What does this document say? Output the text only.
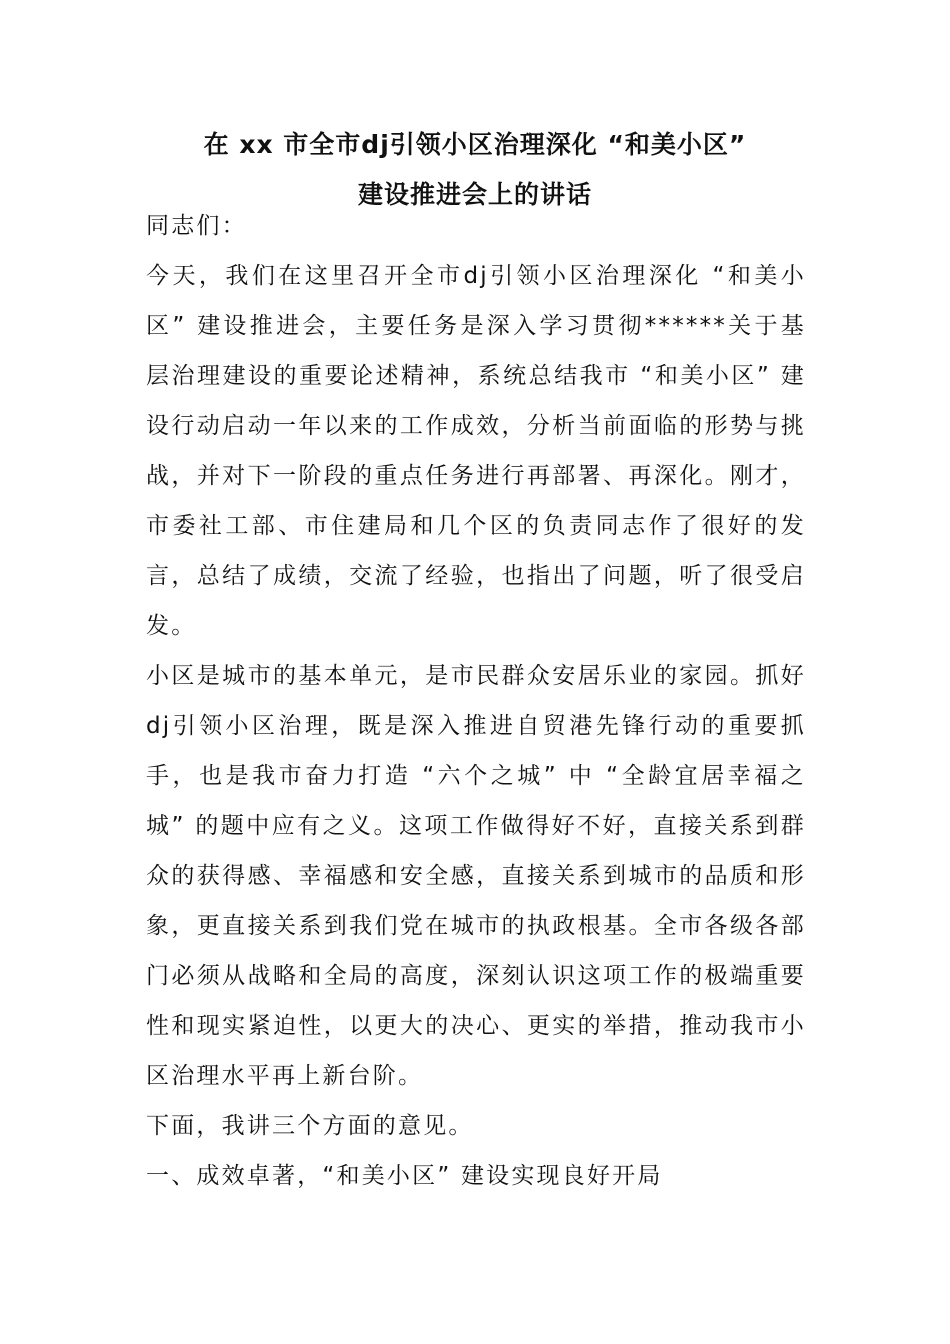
在 xx 市全市dj引领小区治理深化 “和美小区”
建设推进会上的讲话

同志们：

今天，我们在这里召开全市dj引领小区治理深化 “和美小区” 建设推进会，主要任务是深入学习贯彻******关于基层治理建设的重要论述精神，系统总结我市 “和美小区” 建设行动启动一年以来的工作成效，分析当前面临的形势与挑战，并对下一阶段的重点任务进行再部署、再深化。刚才，市委社工部、市住建局和几个区的负责同志作了很好的发言，总结了成绩，交流了经验，也指出了问题，听了很受启发。

小区是城市的基本单元，是市民群众安居乐业的家园。抓好dj引领小区治理，既是深入推进自贸港先锋行动的重要抓手，也是我市奋力打造 “六个之城” 中 “全龄宜居幸福之城” 的题中应有之义。这项工作做得好不好，直接关系到群众的获得感、幸福感和安全感，直接关系到城市的品质和形象，更直接关系到我们党在城市的执政根基。全市各级各部门必须从战略和全局的高度，深刻认识这项工作的极端重要性和现实紧迫性，以更大的决心、更实的举措，推动我市小区治理水平再上新台阶。

下面，我讲三个方面的意见。

一、成效卓著，“和美小区” 建设实现良好开局
